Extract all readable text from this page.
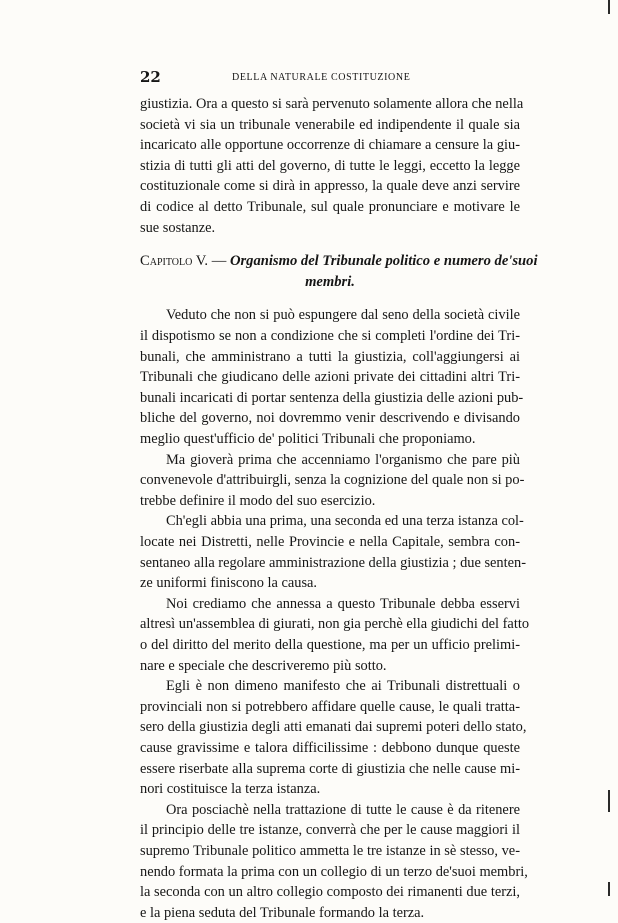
22	DELLA NATURALE COSTITUZIONE
giustizia. Ora a questo si sarà pervenuto solamente allora che nella
società vi sia un tribunale venerabile ed indipendente il quale sia
incaricato alle opportune occorrenze di chiamare a censure la giu-
stizia di tutti gli atti del governo, di tutte le leggi, eccetto la legge
costituzionale come si dirà in appresso, la quale deve anzi servire
di codice al detto Tribunale, sul quale pronunciare e motivare le
sue sostanze.
Capitolo V. — Organismo del Tribunale politico e numero de'suoi
membri.
Veduto che non si può espungere dal seno della società civile
il dispotismo se non a condizione che si completi l'ordine dei Tri-
bunali, che amministrano a tutti la giustizia, coll'aggiungersi ai
Tribunali che giudicano delle azioni private dei cittadini altri Tri-
bunali incaricati di portar sentenza della giustizia delle azioni pub-
bliche del governo, noi dovremmo venir descrivendo e divisando
meglio quest'ufficio de' politici Tribunali che proponiamo.
Ma gioverà prima che accenniamo l'organismo che pare più
convenevole d'attribuirgli, senza la cognizione del quale non si po-
trebbe definire il modo del suo esercizio.
Ch'egli abbia una prima, una seconda ed una terza istanza col-
locate nei Distretti, nelle Provincie e nella Capitale, sembra con-
sentaneo alla regolare amministrazione della giustizia ; due senten-
ze uniformi finiscono la causa.
Noi crediamo che annessa a questo Tribunale debba esservi
altresì un'assemblea di giurati, non gia perchè ella giudichi del fatto
o del diritto del merito della questione, ma per un ufficio prelimi-
nare e speciale che descriveremo più sotto.
Egli è non dimeno manifesto che ai Tribunali distrettuali o
provinciali non si potrebbero affidare quelle cause, le quali tratta-
sero della giustizia degli atti emanati dai supremi poteri dello stato,
cause gravissime e talora difficilissime : debbono dunque queste
essere riserbate alla suprema corte di giustizia che nelle cause mi-
nori costituisce la terza istanza.
Ora posciachè nella trattazione di tutte le cause è da ritenere
il principio delle tre istanze, converrà che per le cause maggiori il
supremo Tribunale politico ammetta le tre istanze in sè stesso, ve-
nendo formata la prima con un collegio di un terzo de'suoi membri,
la seconda con un altro collegio composto dei rimanenti due terzi,
e la piena seduta del Tribunale formando la terza.
